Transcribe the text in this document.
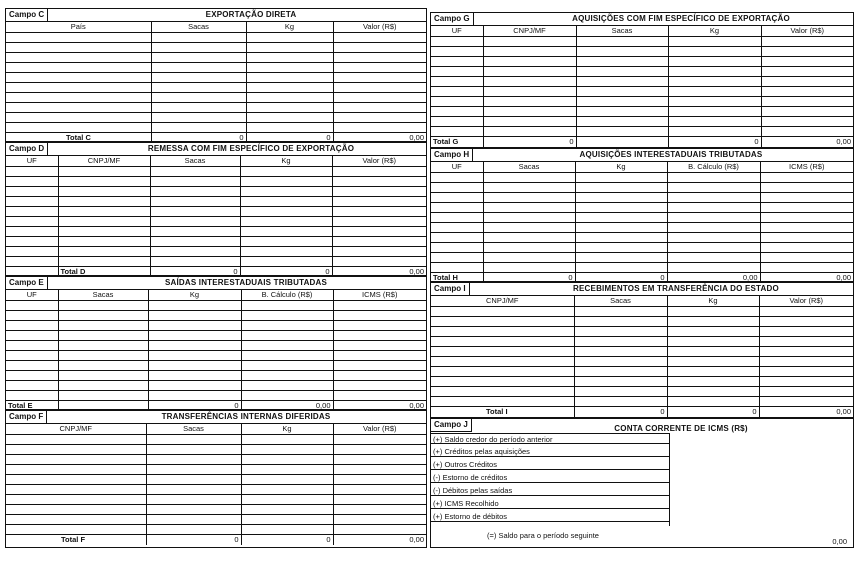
Campo C	EXPORTAÇÃO DIRETA
País	Sacas	Kg	Valor (R$)

Total C	0	0	0,00
Campo D	REMESSA COM FIM ESPECÍFICO DE EXPORTAÇÃO
UF	CNPJ/MF	Sacas	Kg	Valor (R$)

	Total D	0	0	0,00
Campo E	SAÍDAS INTERESTADUAIS TRIBUTADAS
UF	Sacas	Kg	B. Cálculo (R$)	ICMS (R$)

Total E		0	0,00	0,00
Campo F	TRANSFERÊNCIAS INTERNAS DIFERIDAS
CNPJ/MF	Sacas	Kg	Valor (R$)

Total F	0	0	0,00
Campo G	AQUISIÇÕES COM FIM ESPECÍFICO DE EXPORTAÇÃO
UF	CNPJ/MF	Sacas	Kg	Valor (R$)

Total G	0		0	0,00
Campo H	AQUISIÇÕES INTERESTADUAIS TRIBUTADAS
UF	Sacas	Kg	B. Cálculo (R$)	ICMS (R$)

Total H	0	0	0,00	0,00
Campo I	RECEBIMENTOS EM TRANSFERÊNCIA DO ESTADO
CNPJ/MF	Sacas	Kg	Valor (R$)

Total I	0	0	0,00
Campo J	CONTA CORRENTE DE ICMS (R$)
(+) Saldo credor do período anterior
(+) Créditos pelas aquisições
(+) Outros Créditos
(-) Estorno de créditos
(-) Débitos pelas saídas
(+) ICMS Recolhido
(+) Estorno de débitos
(=) Saldo para o período seguinte
0,00
